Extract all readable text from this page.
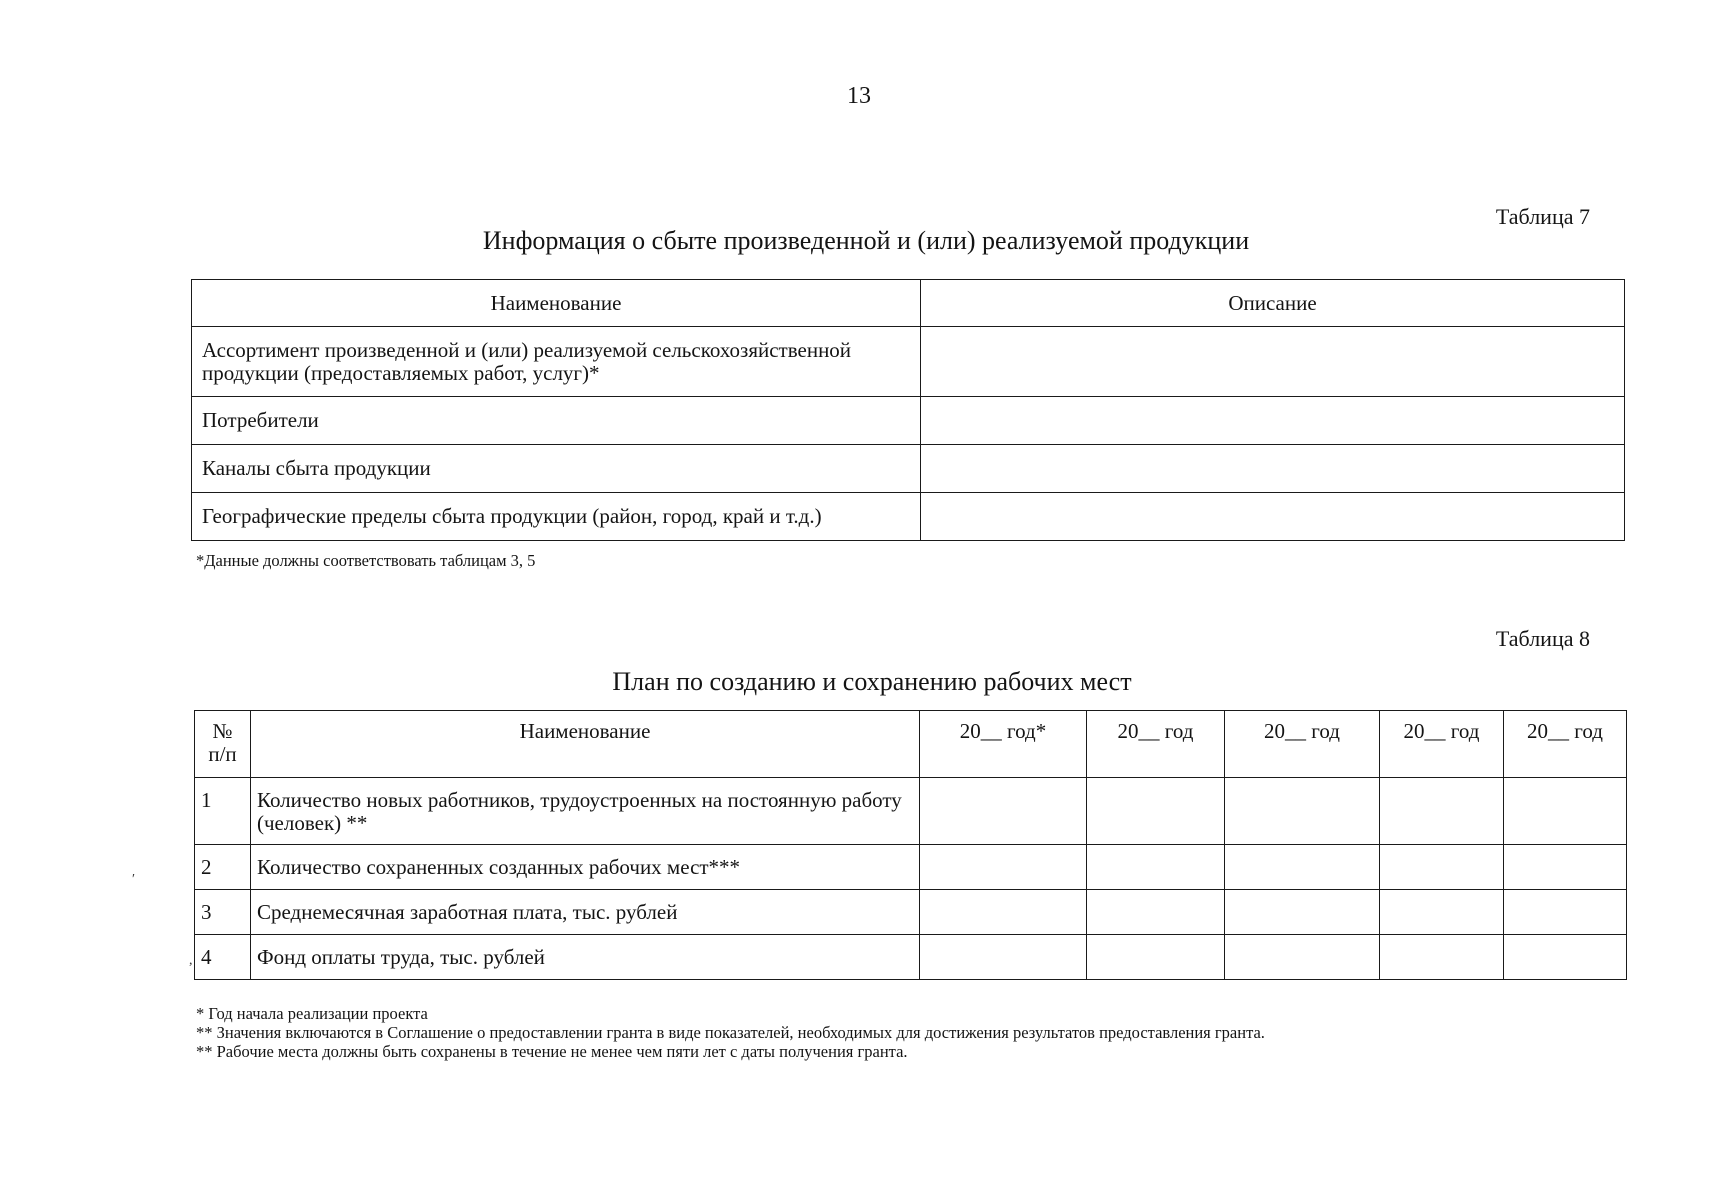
13
Таблица 7
Информация о сбыте произведенной и (или) реализуемой продукции
Наименование	Описание
Ассортимент произведенной и (или) реализуемой сельскохозяйственной продукции (предоставляемых работ, услуг)*	
Потребители	
Каналы сбыта продукции	
Географические пределы сбыта продукции (район, город, край и т.д.)	
*Данные должны соответствовать таблицам 3, 5
Таблица 8
План по созданию и сохранению рабочих мест
№ п/п	Наименование	20__ год*	20__ год	20__ год	20__ год	20__ год
1	Количество новых работников, трудоустроенных на постоянную работу (человек) **					
2	Количество сохраненных созданных рабочих мест***					
3	Среднемесячная заработная плата, тыс. рублей					
4	Фонд оплаты труда, тыс. рублей					
* Год начала реализации проекта
** Значения включаются в Соглашение о предоставлении гранта в виде показателей, необходимых для достижения результатов предоставления гранта.
** Рабочие места должны быть сохранены в течение не менее чем пяти лет с даты получения гранта.
′
,
